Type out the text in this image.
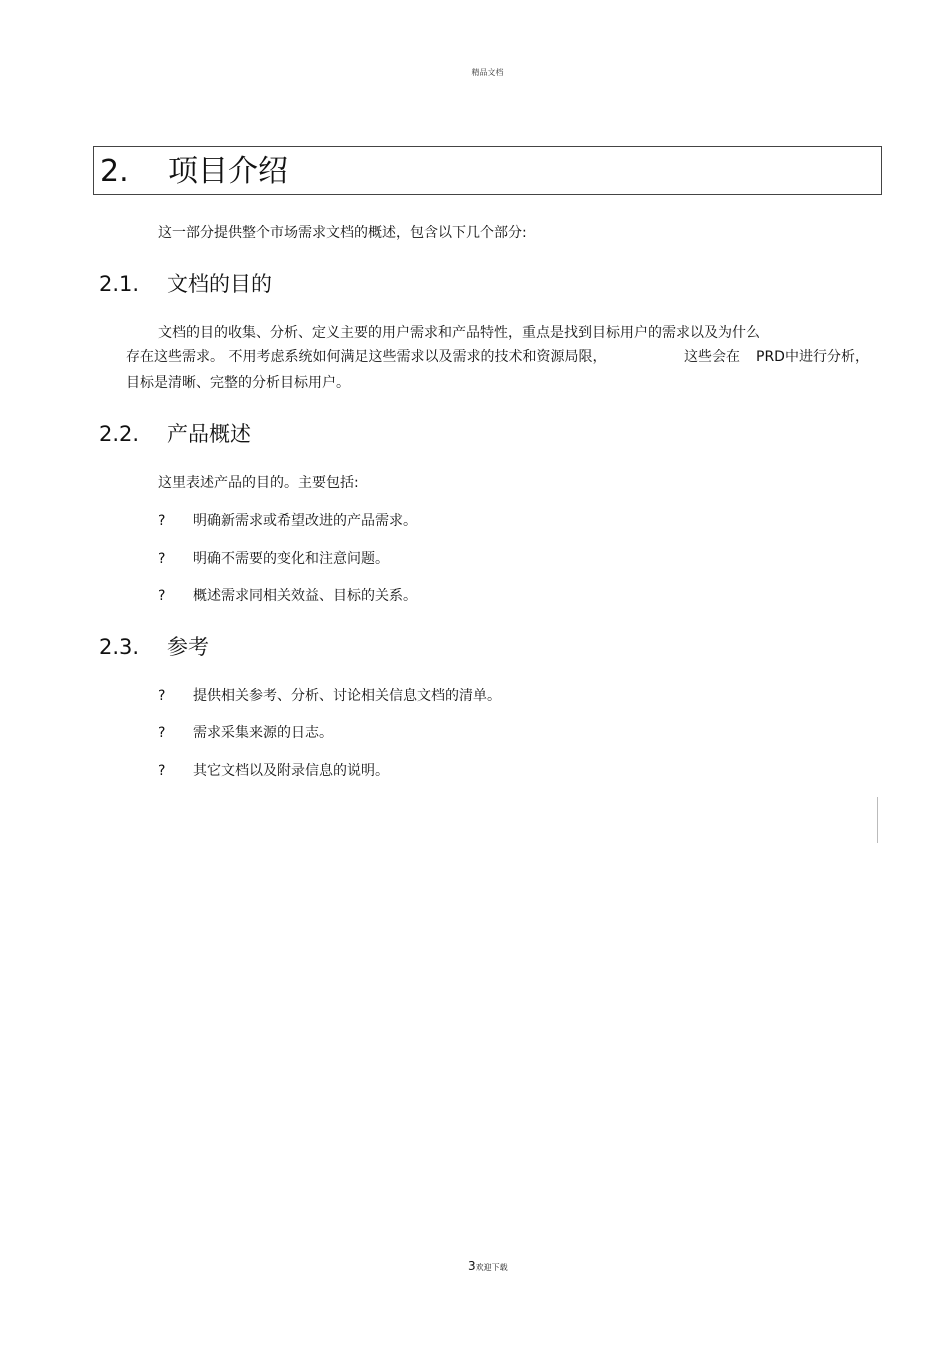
精品文档
2. 项目介绍
这一部分提供整个市场需求文档的概述，包含以下几个部分:
2.1. 文档的目的
文档的目的收集、分析、定义主要的用户需求和产品特性，重点是找到目标用户的需求以及为什么
存在这些需求。 不用考虑系统如何满足这些需求以及需求的技术和资源局限，	这些会在 PRD中进行分析，
目标是清晰、完整的分析目标用户。
2.2. 产品概述
这里表述产品的目的。主要包括:
? 明确新需求或希望改进的产品需求。
? 明确不需要的变化和注意问题。
? 概述需求同相关效益、目标的关系。
2.3. 参考
? 提供相关参考、分析、讨论相关信息文档的清单。
? 需求采集来源的日志。
? 其它文档以及附录信息的说明。
3欢迎下载
